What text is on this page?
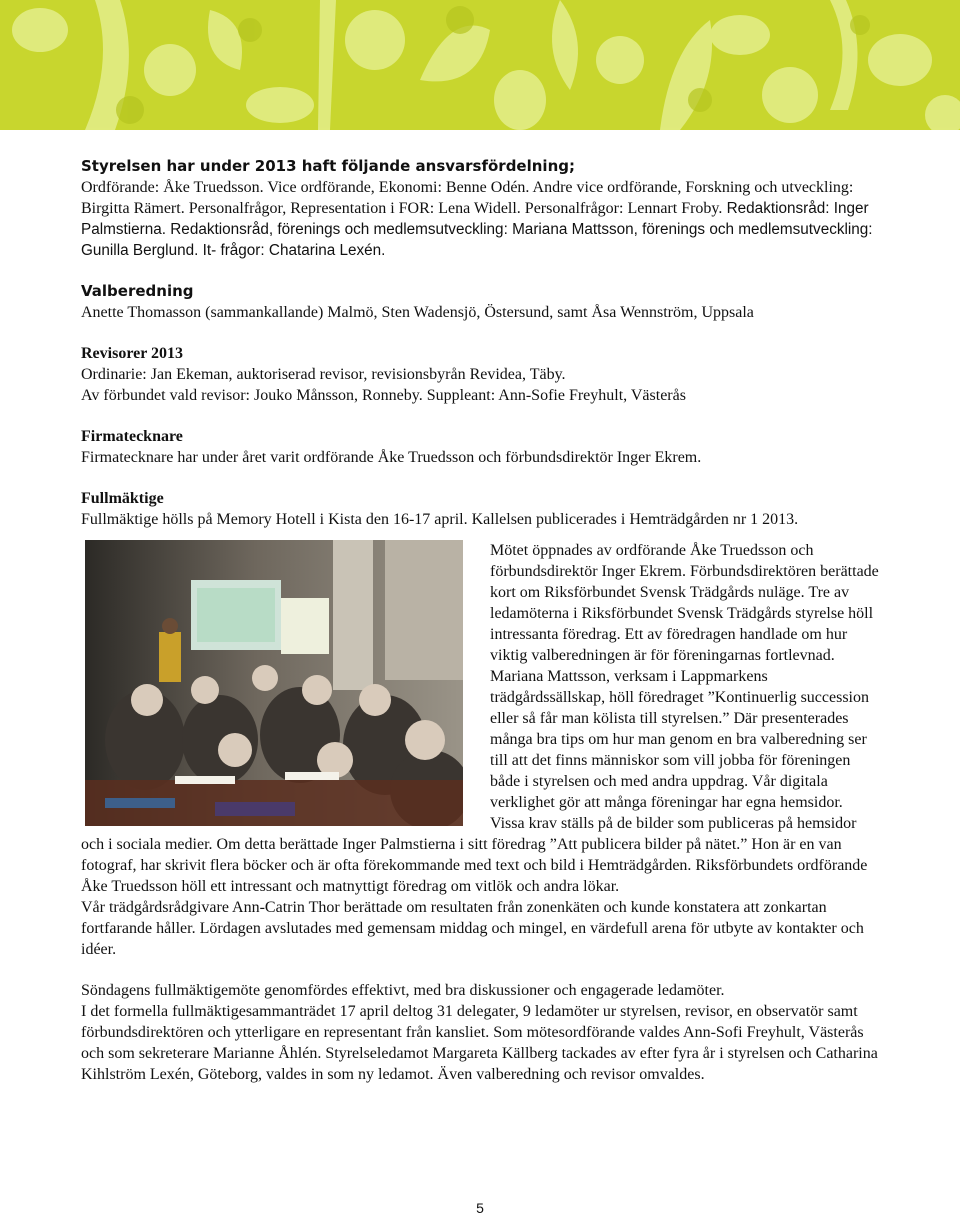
Styrelsen har under 2013 haft följande ansvarsfördelning;

Ordförande: Åke Truedsson. Vice ordförande, Ekonomi: Benne Odén. Andre vice ordförande, Forskning och utveckling: Birgitta Rämert. Personalfrågor, Representation i FOR: Lena Widell. Personalfrågor: Lennart Froby. Redaktionsråd: Inger Palmstierna. Redaktionsråd, förenings och medlemsutveckling: Mariana Mattsson, förenings och medlemsutveckling: Gunilla Berglund. It- frågor: Chatarina Lexén.

Valberedning

Anette Thomasson (sammankallande) Malmö, Sten Wadensjö, Östersund, samt Åsa Wennström, Uppsala

Revisorer 2013

Ordinarie: Jan Ekeman, auktoriserad revisor, revisionsbyrån Revidea, Täby.

Av förbundet vald revisor: Jouko Månsson, Ronneby. Suppleant: Ann-Sofie Freyhult, Västerås

Firmatecknare

Firmatecknare har under året varit ordförande Åke Truedsson och förbundsdirektör Inger Ekrem.

Fullmäktige

Fullmäktige hölls på Memory Hotell i Kista den 16-17 april. Kallelsen publicerades i Hemträdgården nr 1 2013.

Mötet öppnades av ordförande Åke Truedsson och förbundsdirektör Inger Ekrem. Förbundsdirektören berättade kort om Riksförbundet Svensk Trädgårds nuläge. Tre av ledamöterna i Riksförbundet Svensk Trädgårds styrelse höll intressanta föredrag. Ett av föredragen handlade om hur viktig valberedningen är för föreningarnas fortlevnad. Mariana Mattsson, verksam i Lappmarkens trädgårdssällskap, höll föredraget ”Kontinuerlig succession eller så får man kölista till styrelsen.” Där presenterades många bra tips om hur man genom en bra valberedning ser till att det finns människor som vill jobba för föreningen både i styrelsen och med andra uppdrag. Vår digitala verklighet gör att många föreningar har egna hemsidor. Vissa krav ställs på de bilder som publiceras på hemsidor och i sociala medier. Om detta berättade Inger Palmstierna i sitt föredrag ”Att publicera bilder på nätet.” Hon är en van fotograf, har skrivit flera böcker och är ofta förekommande med text och bild i Hemträdgården. Riksförbundets ordförande Åke Truedsson höll ett intressant och matnyttigt föredrag om vitlök och andra lökar.

Vår trädgårdsrådgivare Ann-Catrin Thor berättade om resultaten från zonenkäten och kunde konstatera att zonkartan fortfarande håller. Lördagen avslutades med gemensam middag och mingel, en värdefull arena för utbyte av kontakter och idéer.

Söndagens fullmäktigemöte genomfördes effektivt, med bra diskussioner och engagerade ledamöter.

I det formella fullmäktigesammanträdet 17 april deltog 31 delegater, 9 ledamöter ur styrelsen, revisor, en observatör samt förbundsdirektören och ytterligare en representant från kansliet. Som mötesordförande valdes Ann-Sofi Freyhult, Västerås och som sekreterare Marianne Åhlén. Styrelseledamot Margareta Källberg tackades av efter fyra år i styrelsen och Catharina Kihlström Lexén, Göteborg, valdes in som ny ledamot. Även valberedning och revisor omvaldes.

5
